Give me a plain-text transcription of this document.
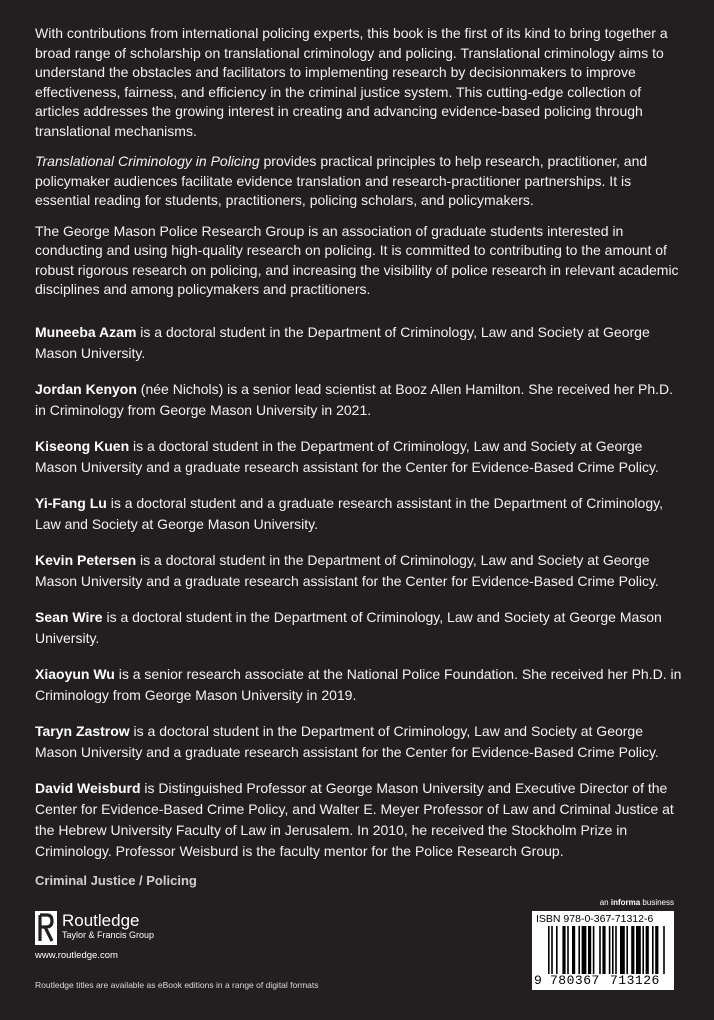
With contributions from international policing experts, this book is the first of its kind to bring together a broad range of scholarship on translational criminology and policing. Translational criminology aims to understand the obstacles and facilitators to implementing research by decisionmakers to improve effectiveness, fairness, and efficiency in the criminal justice system. This cutting-edge collection of articles addresses the growing interest in creating and advancing evidence-based policing through translational mechanisms.

Translational Criminology in Policing provides practical principles to help research, practitioner, and policymaker audiences facilitate evidence translation and research-practitioner partnerships. It is essential reading for students, practitioners, policing scholars, and policymakers.

The George Mason Police Research Group is an association of graduate students interested in conducting and using high-quality research on policing. It is committed to contributing to the amount of robust rigorous research on policing, and increasing the visibility of police research in relevant academic disciplines and among policymakers and practitioners.

Muneeba Azam is a doctoral student in the Department of Criminology, Law and Society at George Mason University.

Jordan Kenyon (née Nichols) is a senior lead scientist at Booz Allen Hamilton. She received her Ph.D. in Criminology from George Mason University in 2021.

Kiseong Kuen is a doctoral student in the Department of Criminology, Law and Society at George Mason University and a graduate research assistant for the Center for Evidence-Based Crime Policy.

Yi-Fang Lu is a doctoral student and a graduate research assistant in the Department of Criminology, Law and Society at George Mason University.

Kevin Petersen is a doctoral student in the Department of Criminology, Law and Society at George Mason University and a graduate research assistant for the Center for Evidence-Based Crime Policy.

Sean Wire is a doctoral student in the Department of Criminology, Law and Society at George Mason University.

Xiaoyun Wu is a senior research associate at the National Police Foundation. She received her Ph.D. in Criminology from George Mason University in 2019.

Taryn Zastrow is a doctoral student in the Department of Criminology, Law and Society at George Mason University and a graduate research assistant for the Center for Evidence-Based Crime Policy.

David Weisburd is Distinguished Professor at George Mason University and Executive Director of the Center for Evidence-Based Crime Policy, and Walter E. Meyer Professor of Law and Criminal Justice at the Hebrew University Faculty of Law in Jerusalem. In 2010, he received the Stockholm Prize in Criminology. Professor Weisburd is the faculty mentor for the Police Research Group.

Criminal Justice / Policing
Routledge
Taylor & Francis Group
www.routledge.com
Routledge titles are available as eBook editions in a range of digital formats
an informa business
ISBN 978-0-367-71312-6
9 780367 713126
